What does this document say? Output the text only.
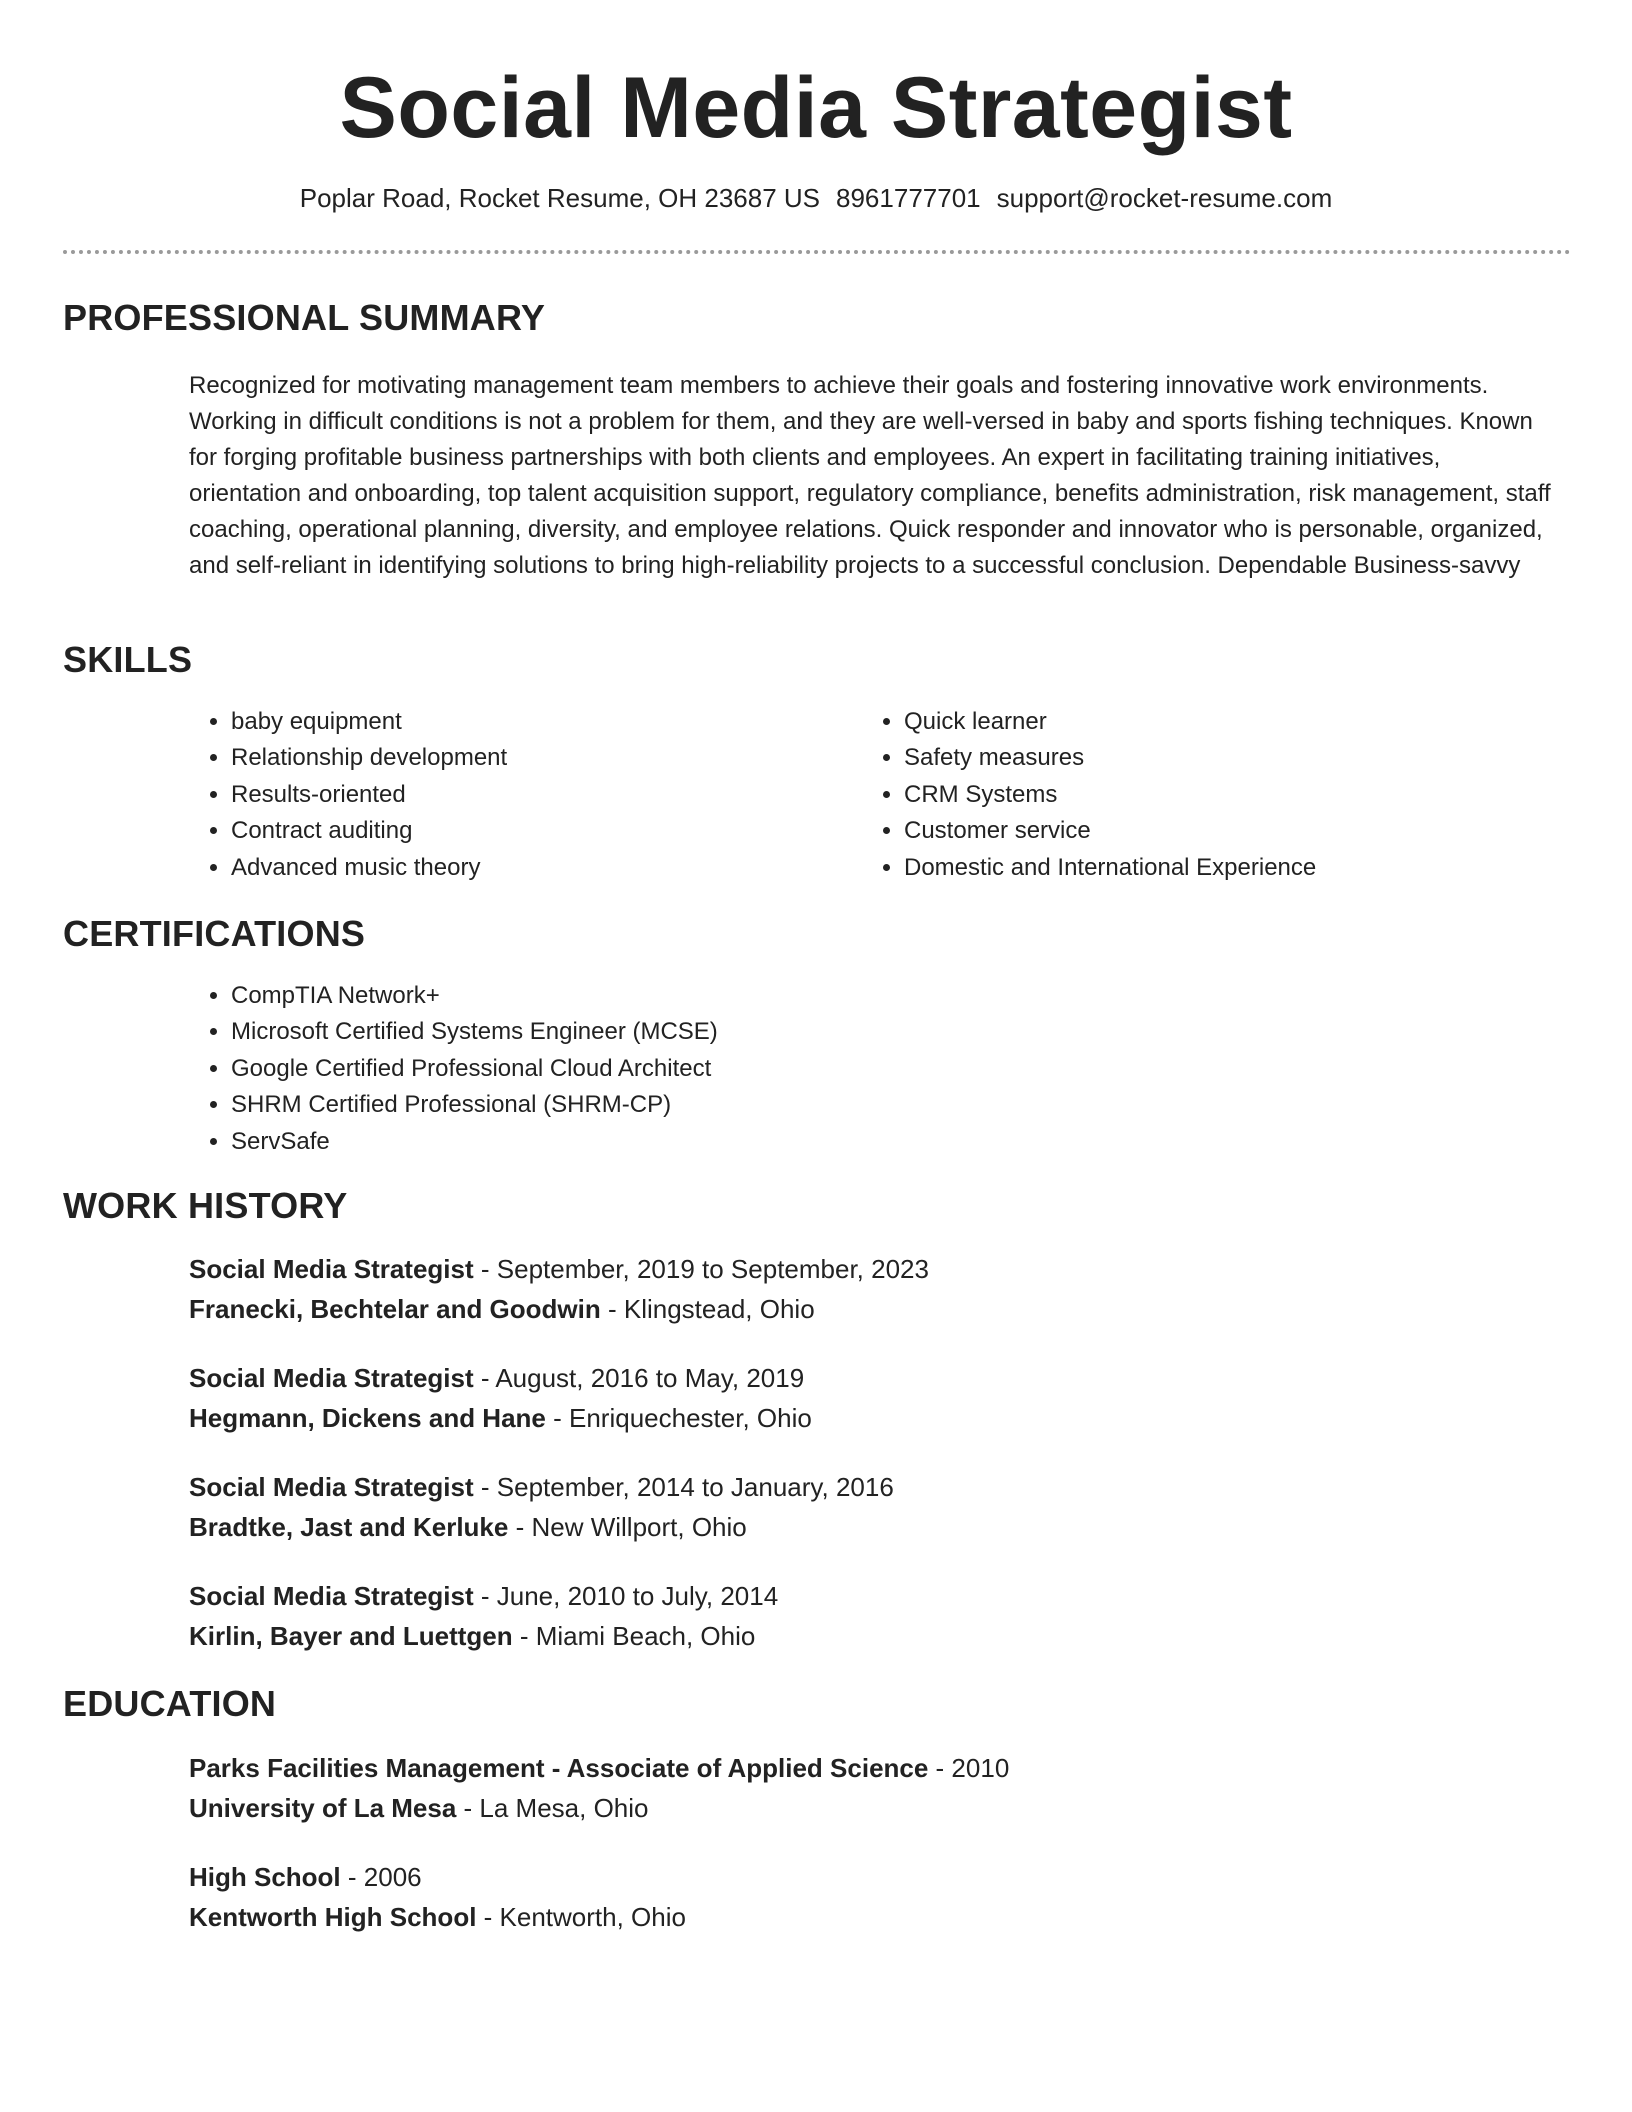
Social Media Strategist
Poplar Road, Rocket Resume, OH 23687 US 8961777701 support@rocket-resume.com
PROFESSIONAL SUMMARY
Recognized for motivating management team members to achieve their goals and fostering innovative work environments. Working in difficult conditions is not a problem for them, and they are well-versed in baby and sports fishing techniques. Known for forging profitable business partnerships with both clients and employees. An expert in facilitating training initiatives, orientation and onboarding, top talent acquisition support, regulatory compliance, benefits administration, risk management, staff coaching, operational planning, diversity, and employee relations. Quick responder and innovator who is personable, organized, and self-reliant in identifying solutions to bring high-reliability projects to a successful conclusion. Dependable Business-savvy
SKILLS
• baby equipment
• Relationship development
• Results-oriented
• Contract auditing
• Advanced music theory
• Quick learner
• Safety measures
• CRM Systems
• Customer service
• Domestic and International Experience
CERTIFICATIONS
• CompTIA Network+
• Microsoft Certified Systems Engineer (MCSE)
• Google Certified Professional Cloud Architect
• SHRM Certified Professional (SHRM-CP)
• ServSafe
WORK HISTORY
Social Media Strategist - September, 2019 to September, 2023
Franecki, Bechtelar and Goodwin - Klingstead, Ohio
Social Media Strategist - August, 2016 to May, 2019
Hegmann, Dickens and Hane - Enriquechester, Ohio
Social Media Strategist - September, 2014 to January, 2016
Bradtke, Jast and Kerluke - New Willport, Ohio
Social Media Strategist - June, 2010 to July, 2014
Kirlin, Bayer and Luettgen - Miami Beach, Ohio
EDUCATION
Parks Facilities Management - Associate of Applied Science - 2010
University of La Mesa - La Mesa, Ohio
High School - 2006
Kentworth High School - Kentworth, Ohio
